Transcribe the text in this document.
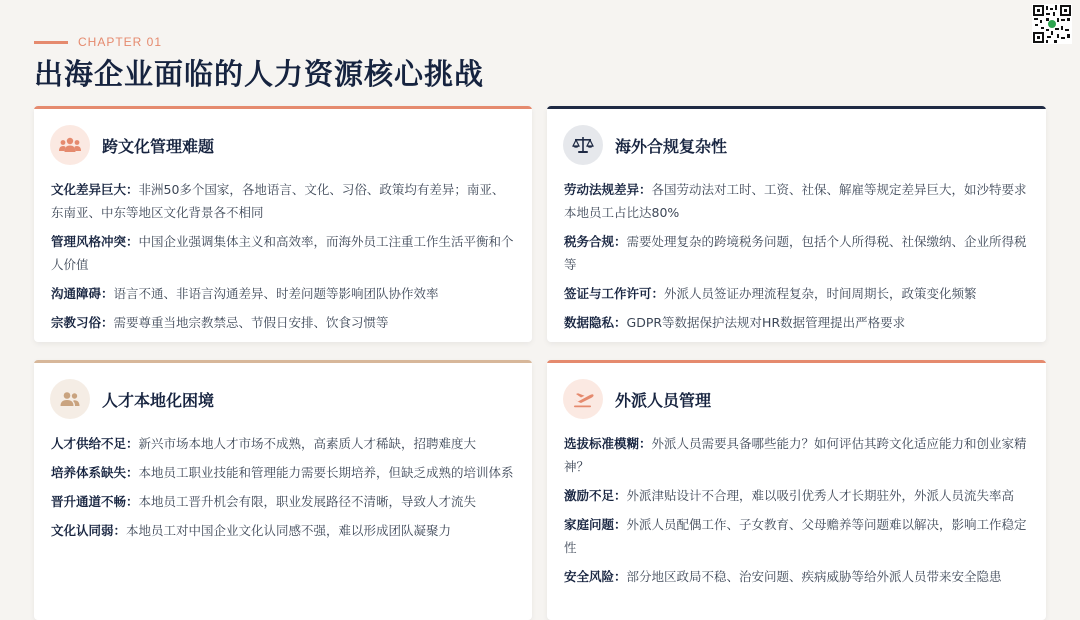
CHAPTER 01
出海企业面临的人力资源核心挑战
跨文化管理难题
文化差异巨大：非洲50多个国家，各地语言、文化、习俗、政策均有差异；南亚、东南亚、中东等地区文化背景各不相同
管理风格冲突：中国企业强调集体主义和高效率，而海外员工注重工作生活平衡和个人价值
沟通障碍：语言不通、非语言沟通差异、时差问题等影响团队协作效率
宗教习俗：需要尊重当地宗教禁忌、节假日安排、饮食习惯等
海外合规复杂性
劳动法规差异：各国劳动法对工时、工资、社保、解雇等规定差异巨大，如沙特要求本地员工占比达80%
税务合规：需要处理复杂的跨境税务问题，包括个人所得税、社保缴纳、企业所得税等
签证与工作许可：外派人员签证办理流程复杂，时间周期长，政策变化频繁
数据隐私：GDPR等数据保护法规对HR数据管理提出严格要求
人才本地化困境
人才供给不足：新兴市场本地人才市场不成熟，高素质人才稀缺，招聘难度大
培养体系缺失：本地员工职业技能和管理能力需要长期培养，但缺乏成熟的培训体系
晋升通道不畅：本地员工晋升机会有限，职业发展路径不清晰，导致人才流失
文化认同弱：本地员工对中国企业文化认同感不强，难以形成团队凝聚力
外派人员管理
选拔标准模糊：外派人员需要具备哪些能力？如何评估其跨文化适应能力和创业家精神？
激励不足：外派津贴设计不合理，难以吸引优秀人才长期驻外，外派人员流失率高
家庭问题：外派人员配偶工作、子女教育、父母赡养等问题难以解决，影响工作稳定性
安全风险：部分地区政局不稳、治安问题、疾病威胁等给外派人员带来安全隐患
